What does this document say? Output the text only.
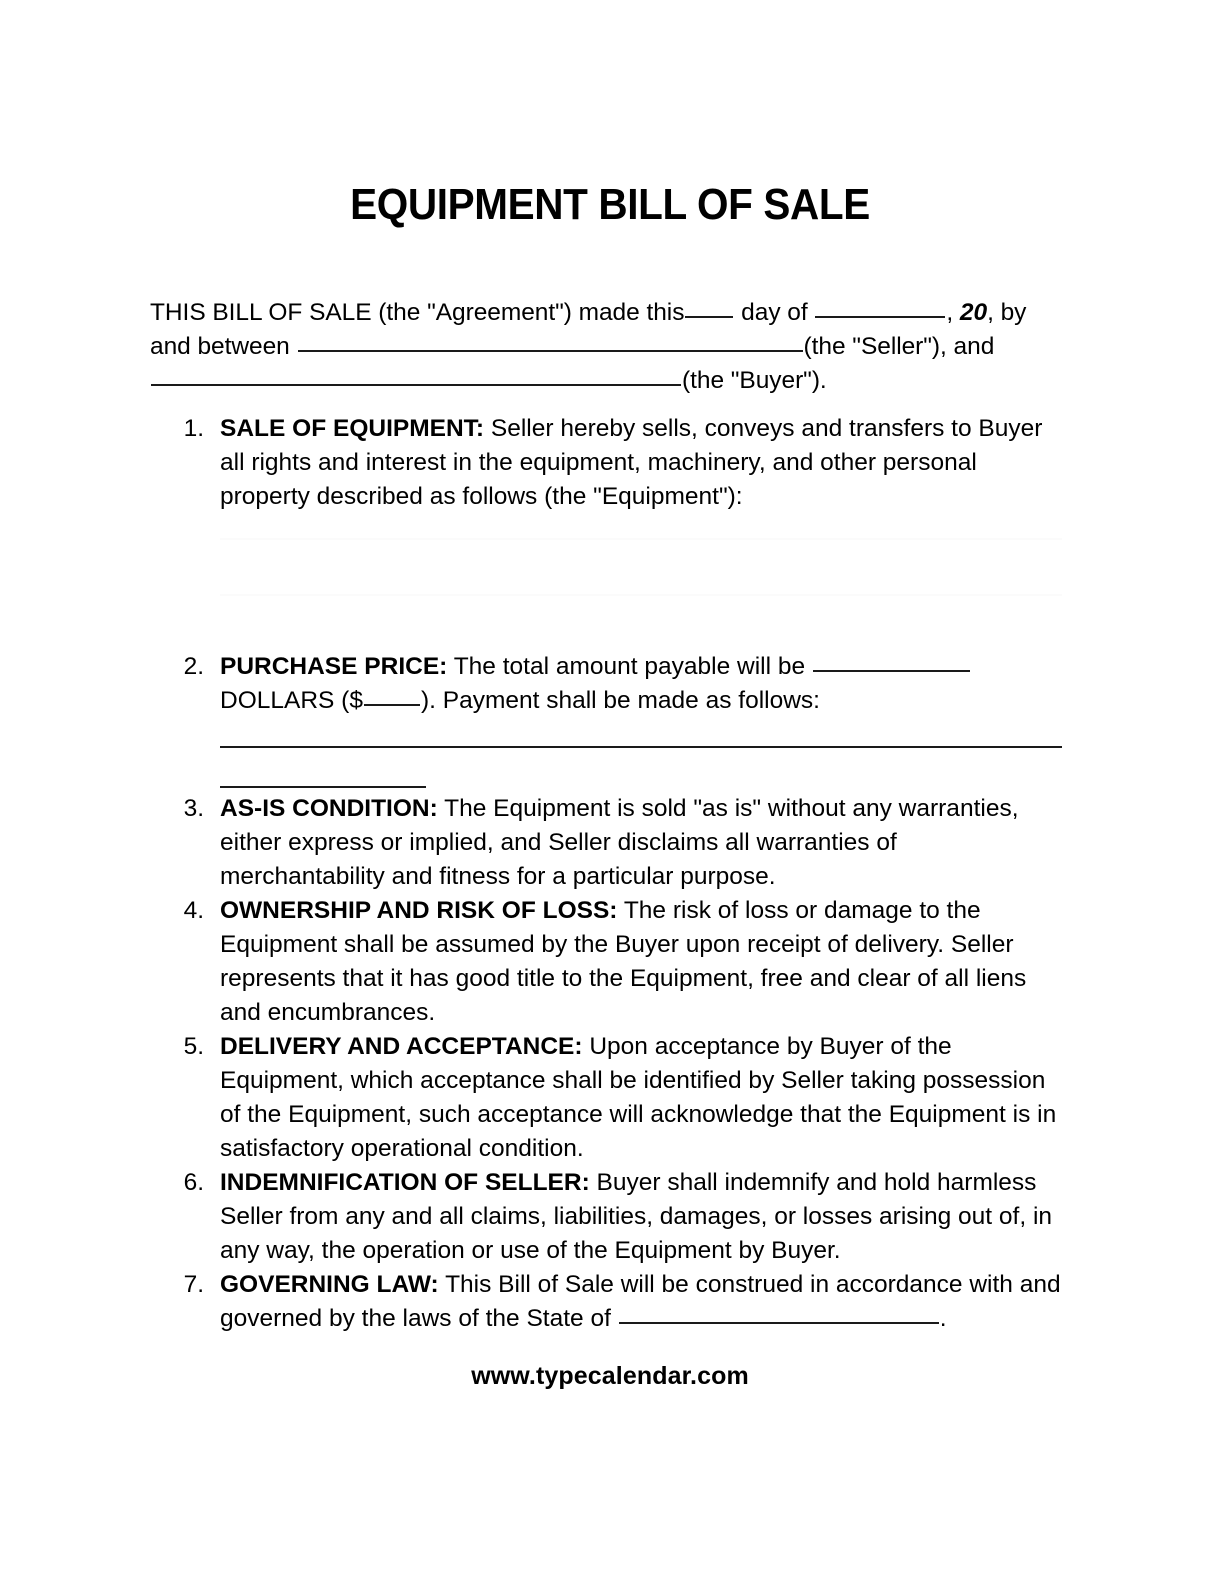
EQUIPMENT BILL OF SALE

THIS BILL OF SALE (the "Agreement") made this day of	, 20, by and between	(the "Seller"), and (the "Buyer").

1. SALE OF EQUIPMENT: Seller hereby sells, conveys and transfers to Buyer all rights and interest in the equipment, machinery, and other personal property described as follows (the "Equipment"):
2. PURCHASE PRICE: The total amount payable will be  DOLLARS ($ ). Payment shall be made as follows:
3. AS-IS CONDITION: The Equipment is sold "as is" without any warranties, either express or implied, and Seller disclaims all warranties of merchantability and fitness for a particular purpose.
4. OWNERSHIP AND RISK OF LOSS: The risk of loss or damage to the Equipment shall be assumed by the Buyer upon receipt of delivery. Seller represents that it has good title to the Equipment, free and clear of all liens and encumbrances.
5. DELIVERY AND ACCEPTANCE: Upon acceptance by Buyer of the Equipment, which acceptance shall be identified by Seller taking possession of the Equipment, such acceptance will acknowledge that the Equipment is in satisfactory operational condition.
6. INDEMNIFICATION OF SELLER: Buyer shall indemnify and hold harmless Seller from any and all claims, liabilities, damages, or losses arising out of, in any way, the operation or use of the Equipment by Buyer.
7. GOVERNING LAW: This Bill of Sale will be construed in accordance with and governed by the laws of the State of	.
www.typecalendar.com
